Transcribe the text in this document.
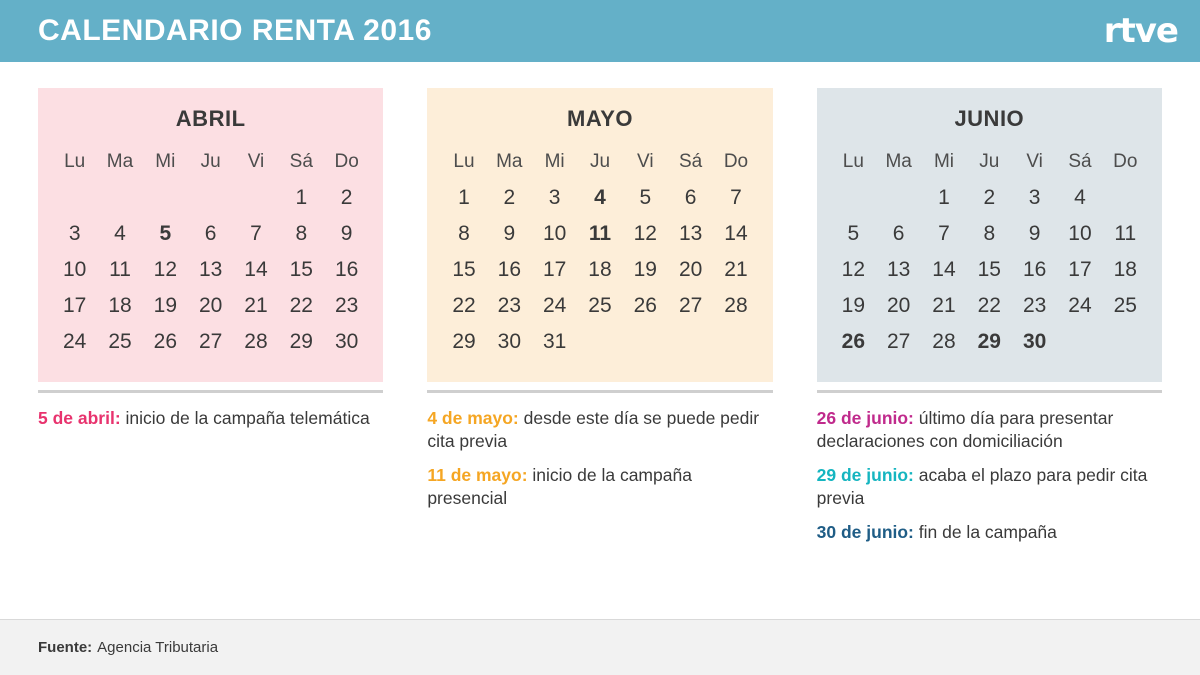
CALENDARIO RENTA 2016	rtve
ABRIL
Lu	Ma	Mi	Ju	Vi	Sá	Do
					1	2
3	4	5	6	7	8	9
10	11	12	13	14	15	16
17	18	19	20	21	22	23
24	25	26	27	28	29	30
5 de abril: inicio de la campaña telemática
MAYO
Lu	Ma	Mi	Ju	Vi	Sá	Do
1	2	3	4	5	6	7
8	9	10	11	12	13	14
15	16	17	18	19	20	21
22	23	24	25	26	27	28
29	30	31				
4 de mayo: desde este día se puede pedir cita previa
11 de mayo: inicio de la campaña presencial
JUNIO
Lu	Ma	Mi	Ju	Vi	Sá	Do
		1	2	3	4	
5	6	7	8	9	10	11
12	13	14	15	16	17	18
19	20	21	22	23	24	25
26	27	28	29	30		
26 de junio: último día para presentar declaraciones con domiciliación
29 de junio: acaba el plazo para pedir cita previa
30 de junio: fin de la campaña
Fuente: Agencia Tributaria
